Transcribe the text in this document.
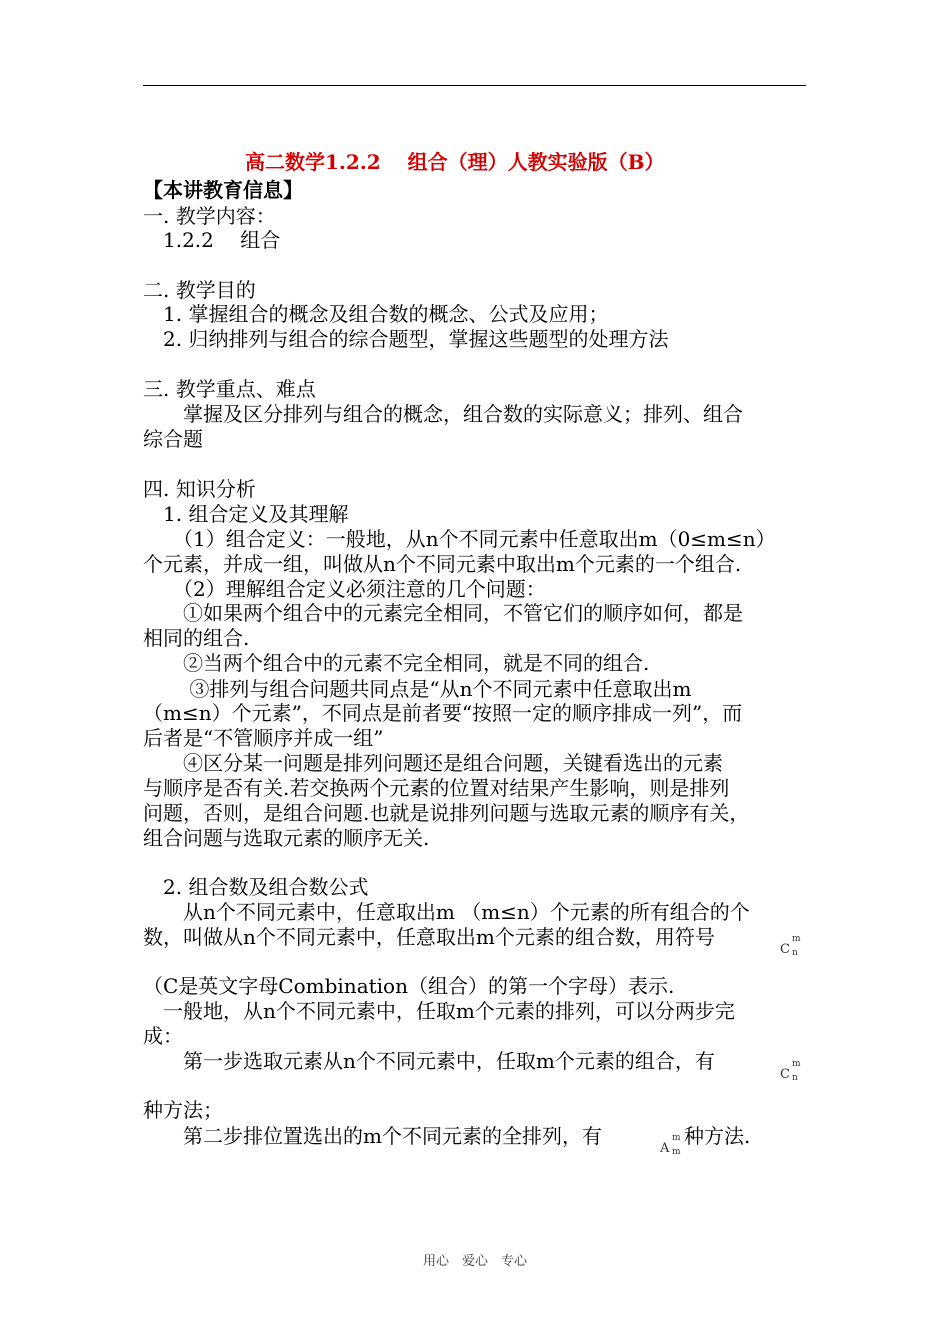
高二数学1.2.2　 组合（理）人教实验版（B）
【本讲教育信息】
一. 教学内容：
　1.2.2　 组合
二. 教学目的
　1. 掌握组合的概念及组合数的概念、公式及应用；
　2. 归纳排列与组合的综合题型，掌握这些题型的处理方法
三. 教学重点、难点
　　掌握及区分排列与组合的概念，组合数的实际意义；排列、组合
综合题
四. 知识分析
　1. 组合定义及其理解
　　（1）组合定义：一般地，从n个不同元素中任意取出m（0≤m≤n）
个元素，并成一组，叫做从n个不同元素中取出m个元素的一个组合.
　　（2）理解组合定义必须注意的几个问题：
　　①如果两个组合中的元素完全相同，不管它们的顺序如何，都是
相同的组合.
　　②当两个组合中的元素不完全相同，就是不同的组合.
　　 ③排列与组合问题共同点是“从n个不同元素中任意取出m
（m≤n）个元素”，不同点是前者要“按照一定的顺序排成一列”，而
后者是“不管顺序并成一组”
　　④区分某一问题是排列问题还是组合问题，关键看选出的元素
与顺序是否有关.若交换两个元素的位置对结果产生影响，则是排列
问题，否则，是组合问题.也就是说排列问题与选取元素的顺序有关，
组合问题与选取元素的顺序无关.
　2. 组合数及组合数公式
　　从n个不同元素中，任意取出m （m≤n）个元素的所有组合的个
数，叫做从n个不同元素中，任意取出m个元素的组合数，用符号
C
m
n
（C是英文字母Combination（组合）的第一个字母）表示.
　一般地，从n个不同元素中，任取m个元素的排列，可以分两步完
成：
　　第一步选取元素从n个不同元素中，任取m个元素的组合，有
C
m
n
种方法；
　　第二步排位置选出的m个不同元素的全排列，有
A
m
m
种方法.
用心　爱心　专心
